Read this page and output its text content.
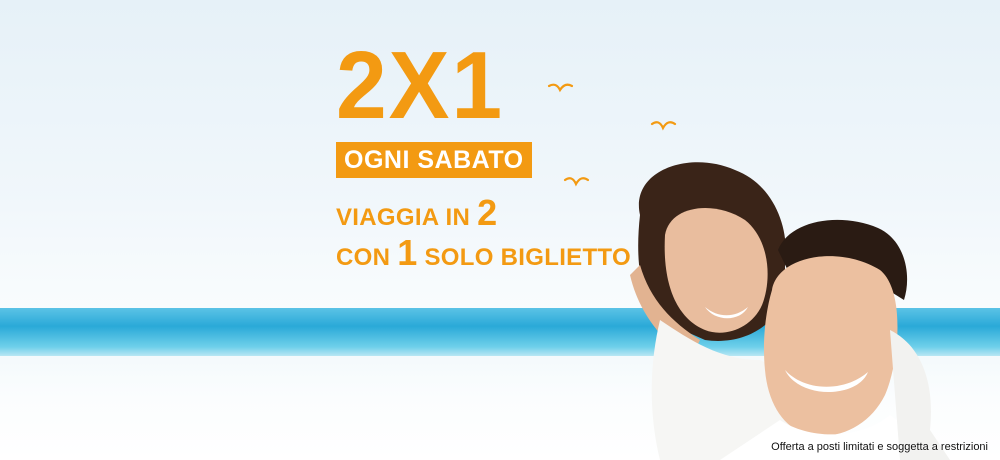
2X1
OGNI SABATO
VIAGGIA IN 2
CON 1 SOLO BIGLIETTO
Offerta a posti limitati e soggetta a restrizioni
